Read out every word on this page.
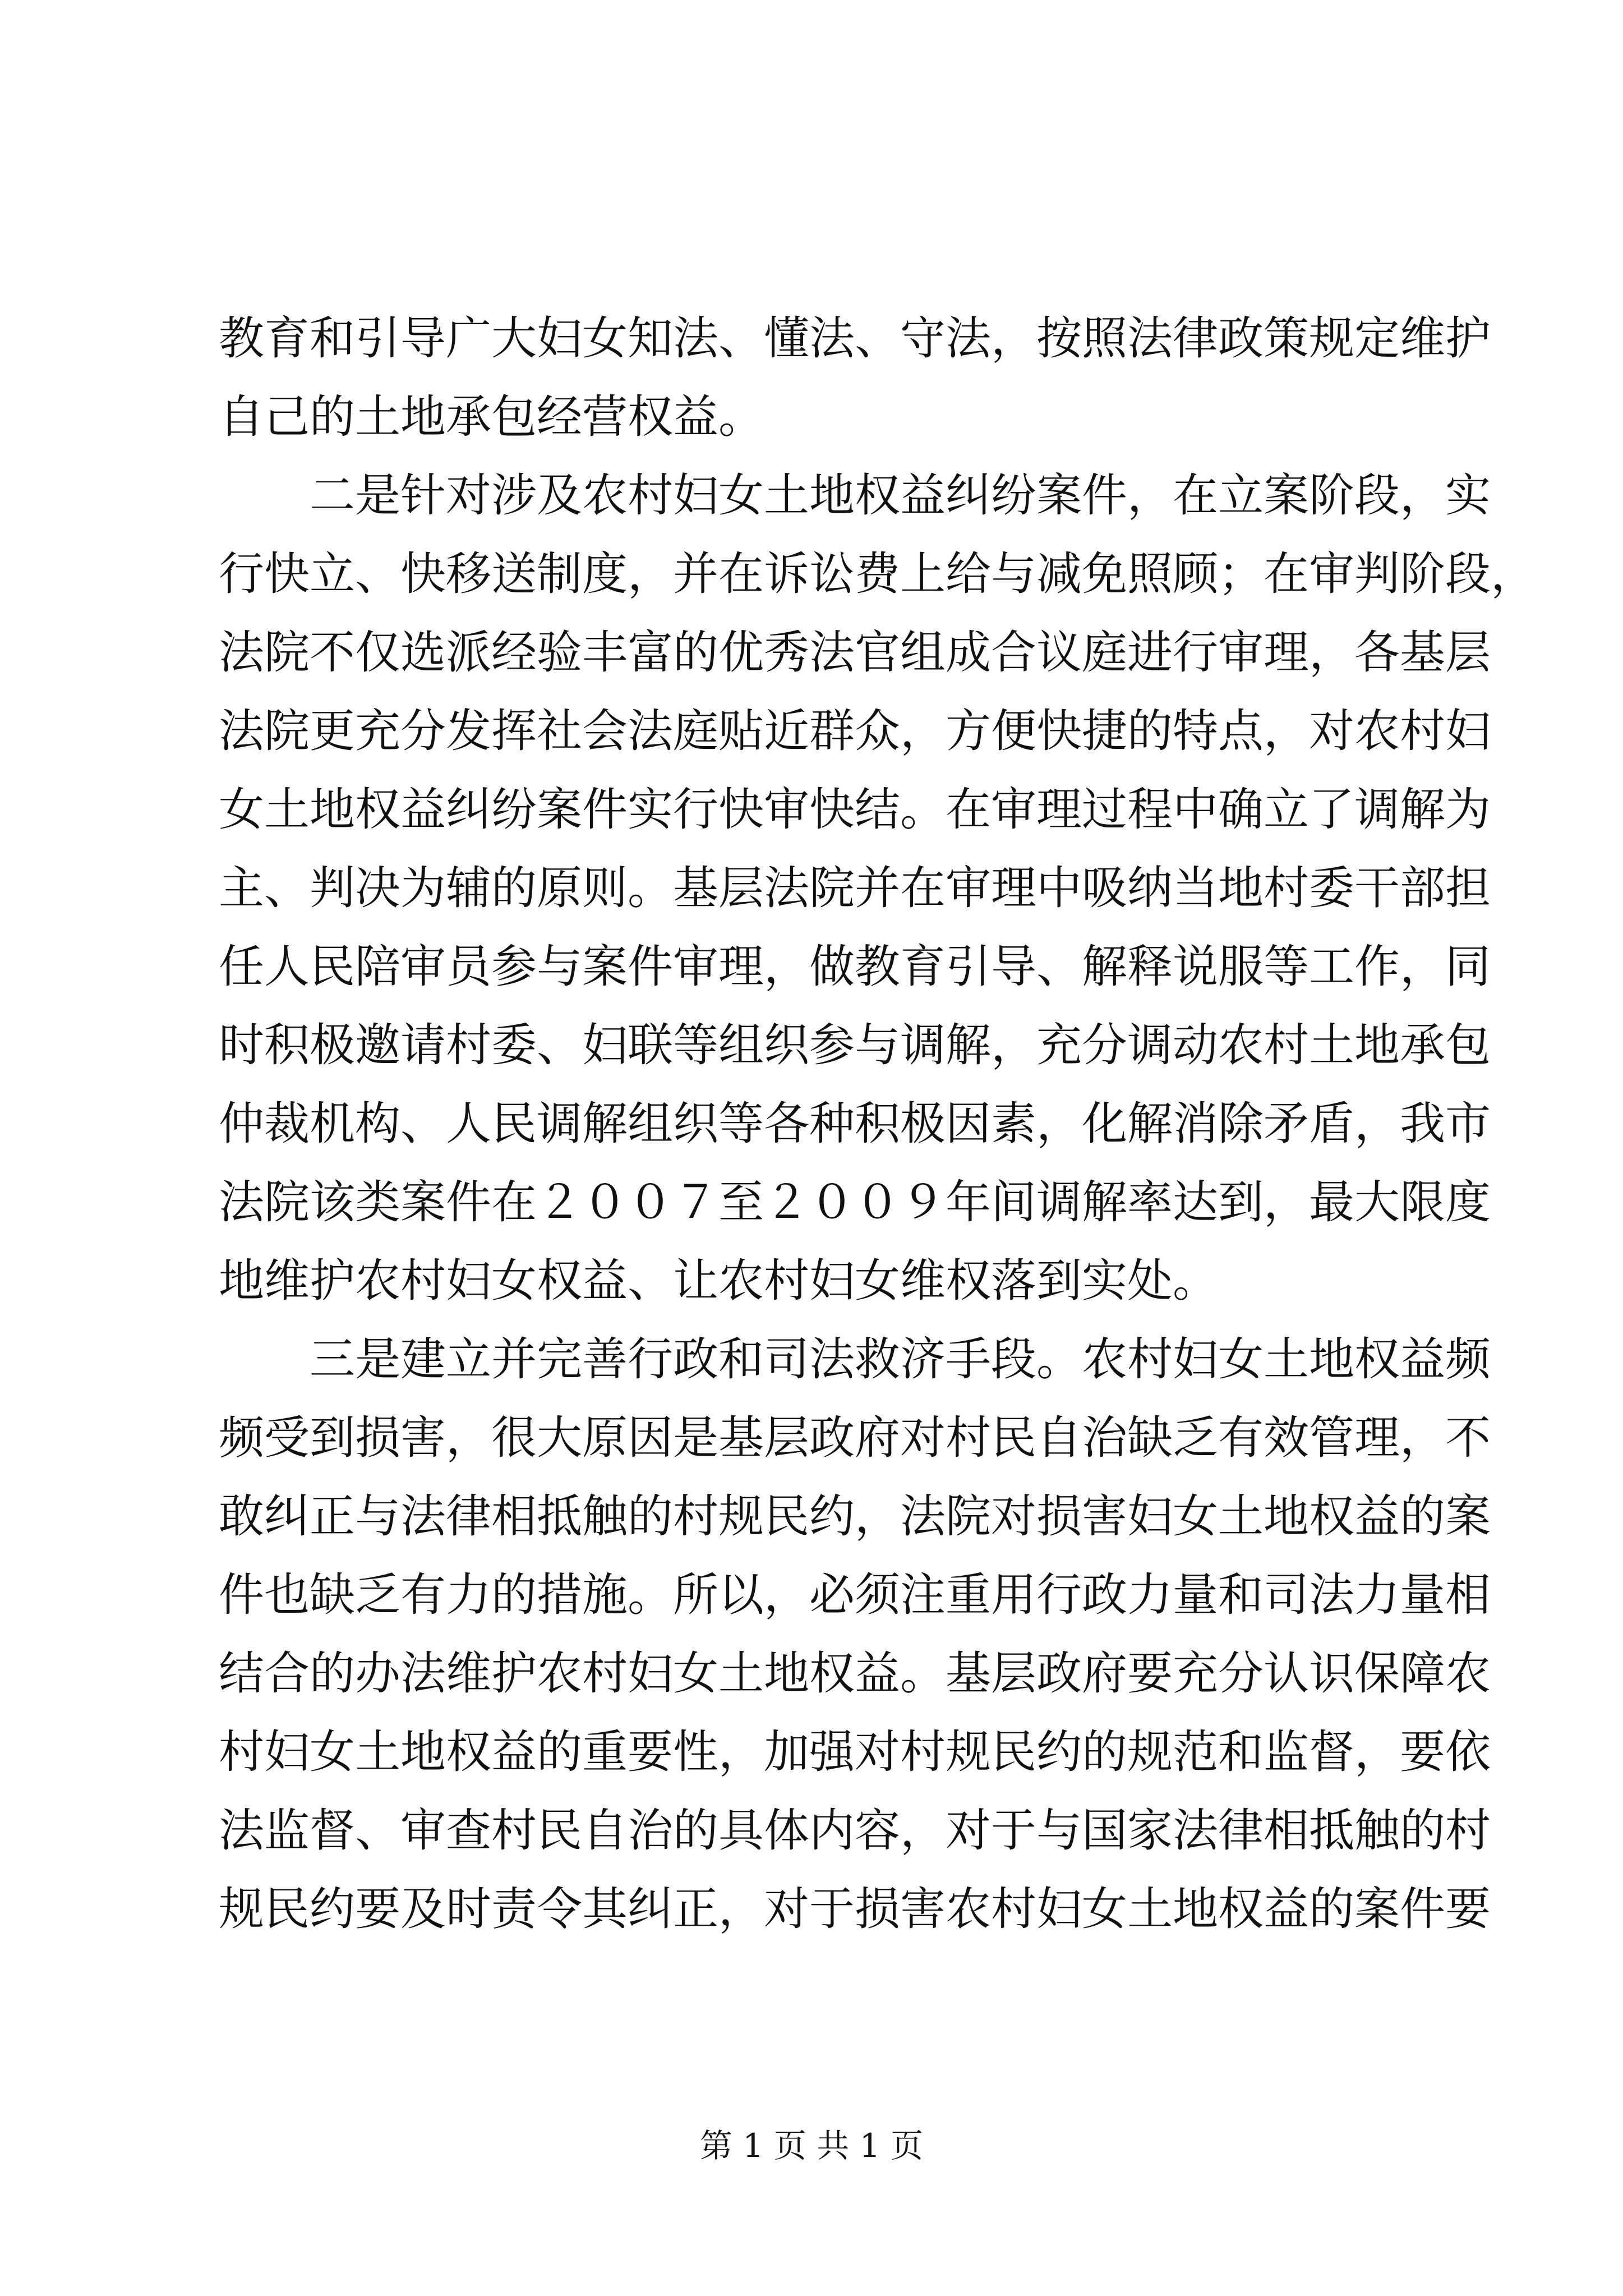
教育和引导广大妇女知法、懂法、守法，按照法律政策规定维护
自己的土地承包经营权益。
二是针对涉及农村妇女土地权益纠纷案件，在立案阶段，实
行快立、快移送制度，并在诉讼费上给与减免照顾；在审判阶段，
法院不仅选派经验丰富的优秀法官组成合议庭进行审理，各基层
法院更充分发挥社会法庭贴近群众，方便快捷的特点，对农村妇
女土地权益纠纷案件实行快审快结。在审理过程中确立了调解为
主、判决为辅的原则。基层法院并在审理中吸纳当地村委干部担
任人民陪审员参与案件审理，做教育引导、解释说服等工作，同
时积极邀请村委、妇联等组织参与调解，充分调动农村土地承包
仲裁机构、人民调解组织等各种积极因素，化解消除矛盾，我市
法院该类案件在２００７至２００９年间调解率达到，最大限度
地维护农村妇女权益、让农村妇女维权落到实处。
三是建立并完善行政和司法救济手段。农村妇女土地权益频
频受到损害，很大原因是基层政府对村民自治缺乏有效管理，不
敢纠正与法律相抵触的村规民约，法院对损害妇女土地权益的案
件也缺乏有力的措施。所以，必须注重用行政力量和司法力量相
结合的办法维护农村妇女土地权益。基层政府要充分认识保障农
村妇女土地权益的重要性，加强对村规民约的规范和监督，要依
法监督、审查村民自治的具体内容，对于与国家法律相抵触的村
规民约要及时责令其纠正，对于损害农村妇女土地权益的案件要
第 1 页 共 1 页
